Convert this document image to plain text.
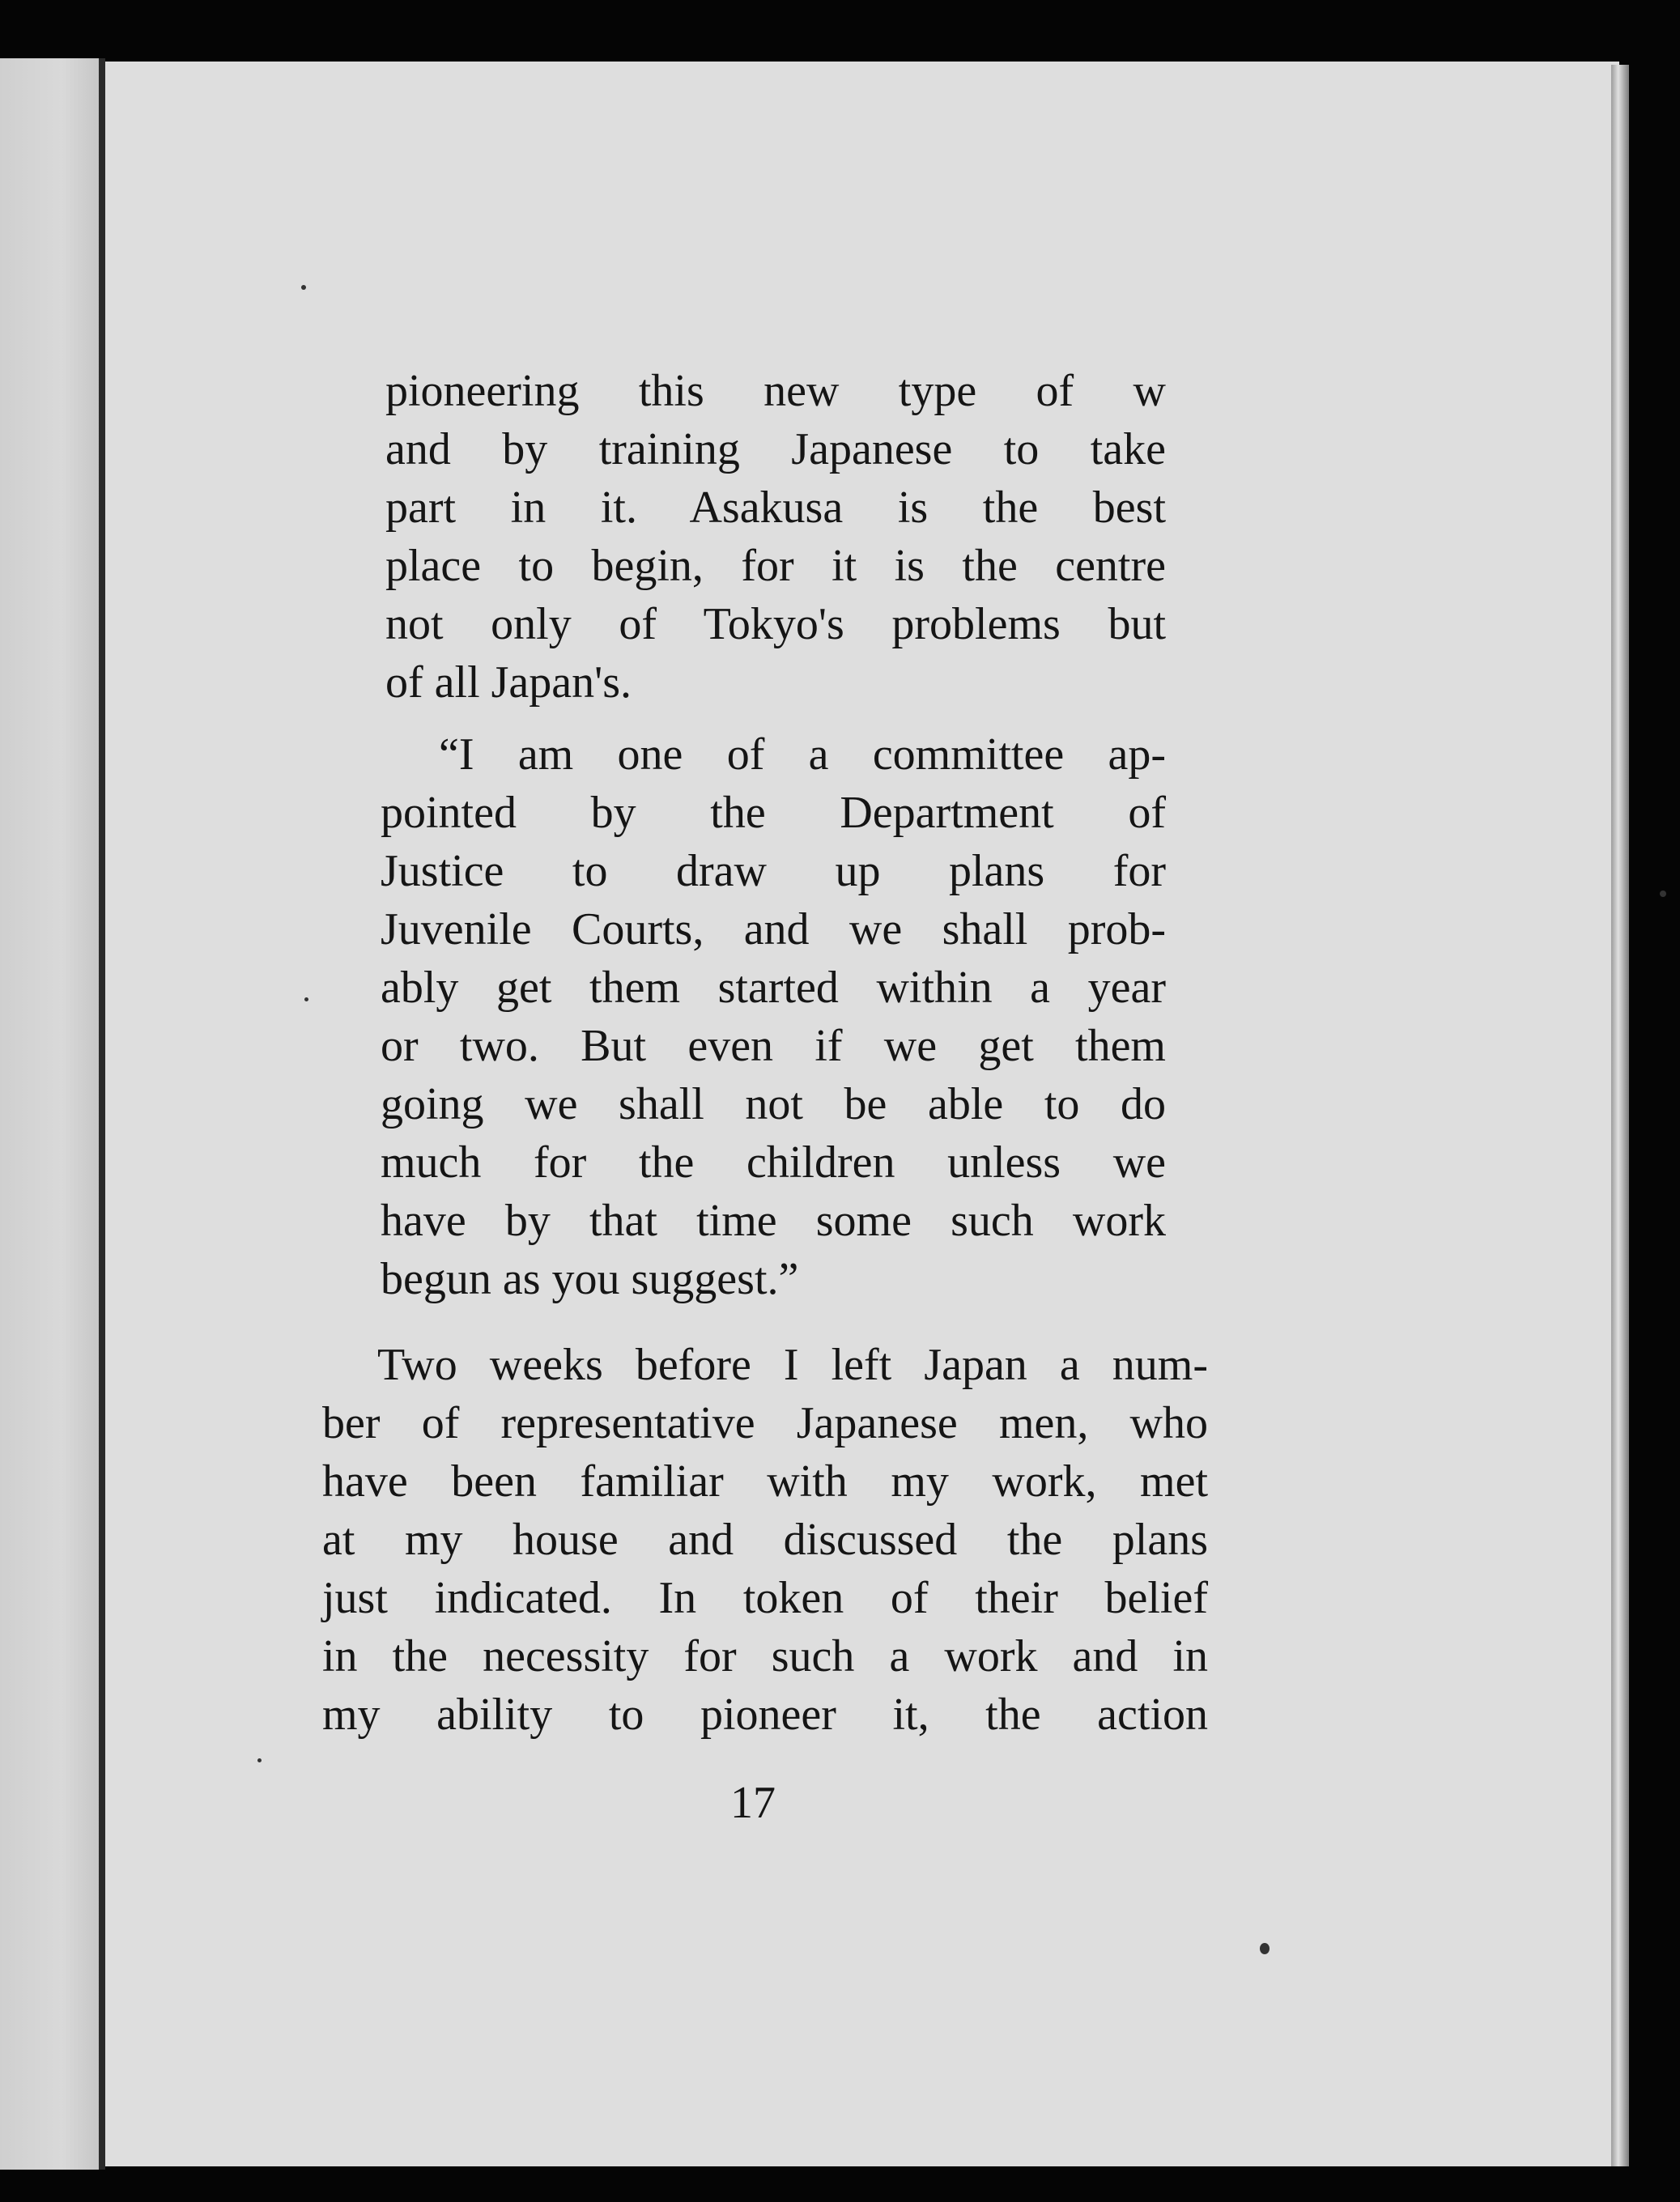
pioneering this new type of w
and by training Japanese to take
part in it. Asakusa is the best
place to begin, for it is the centre
not only of Tokyo's problems but
of all Japan's.
“I am one of a committee ap-
pointed by the Department of
Justice to draw up plans for
Juvenile Courts, and we shall prob-
ably get them started within a year
or two. But even if we get them
going we shall not be able to do
much for the children unless we
have by that time some such work
begun as you suggest.”
Two weeks before I left Japan a num-
ber of representative Japanese men, who
have been familiar with my work, met
at my house and discussed the plans
just indicated. In token of their belief
in the necessity for such a work and in
my ability to pioneer it, the action
17
